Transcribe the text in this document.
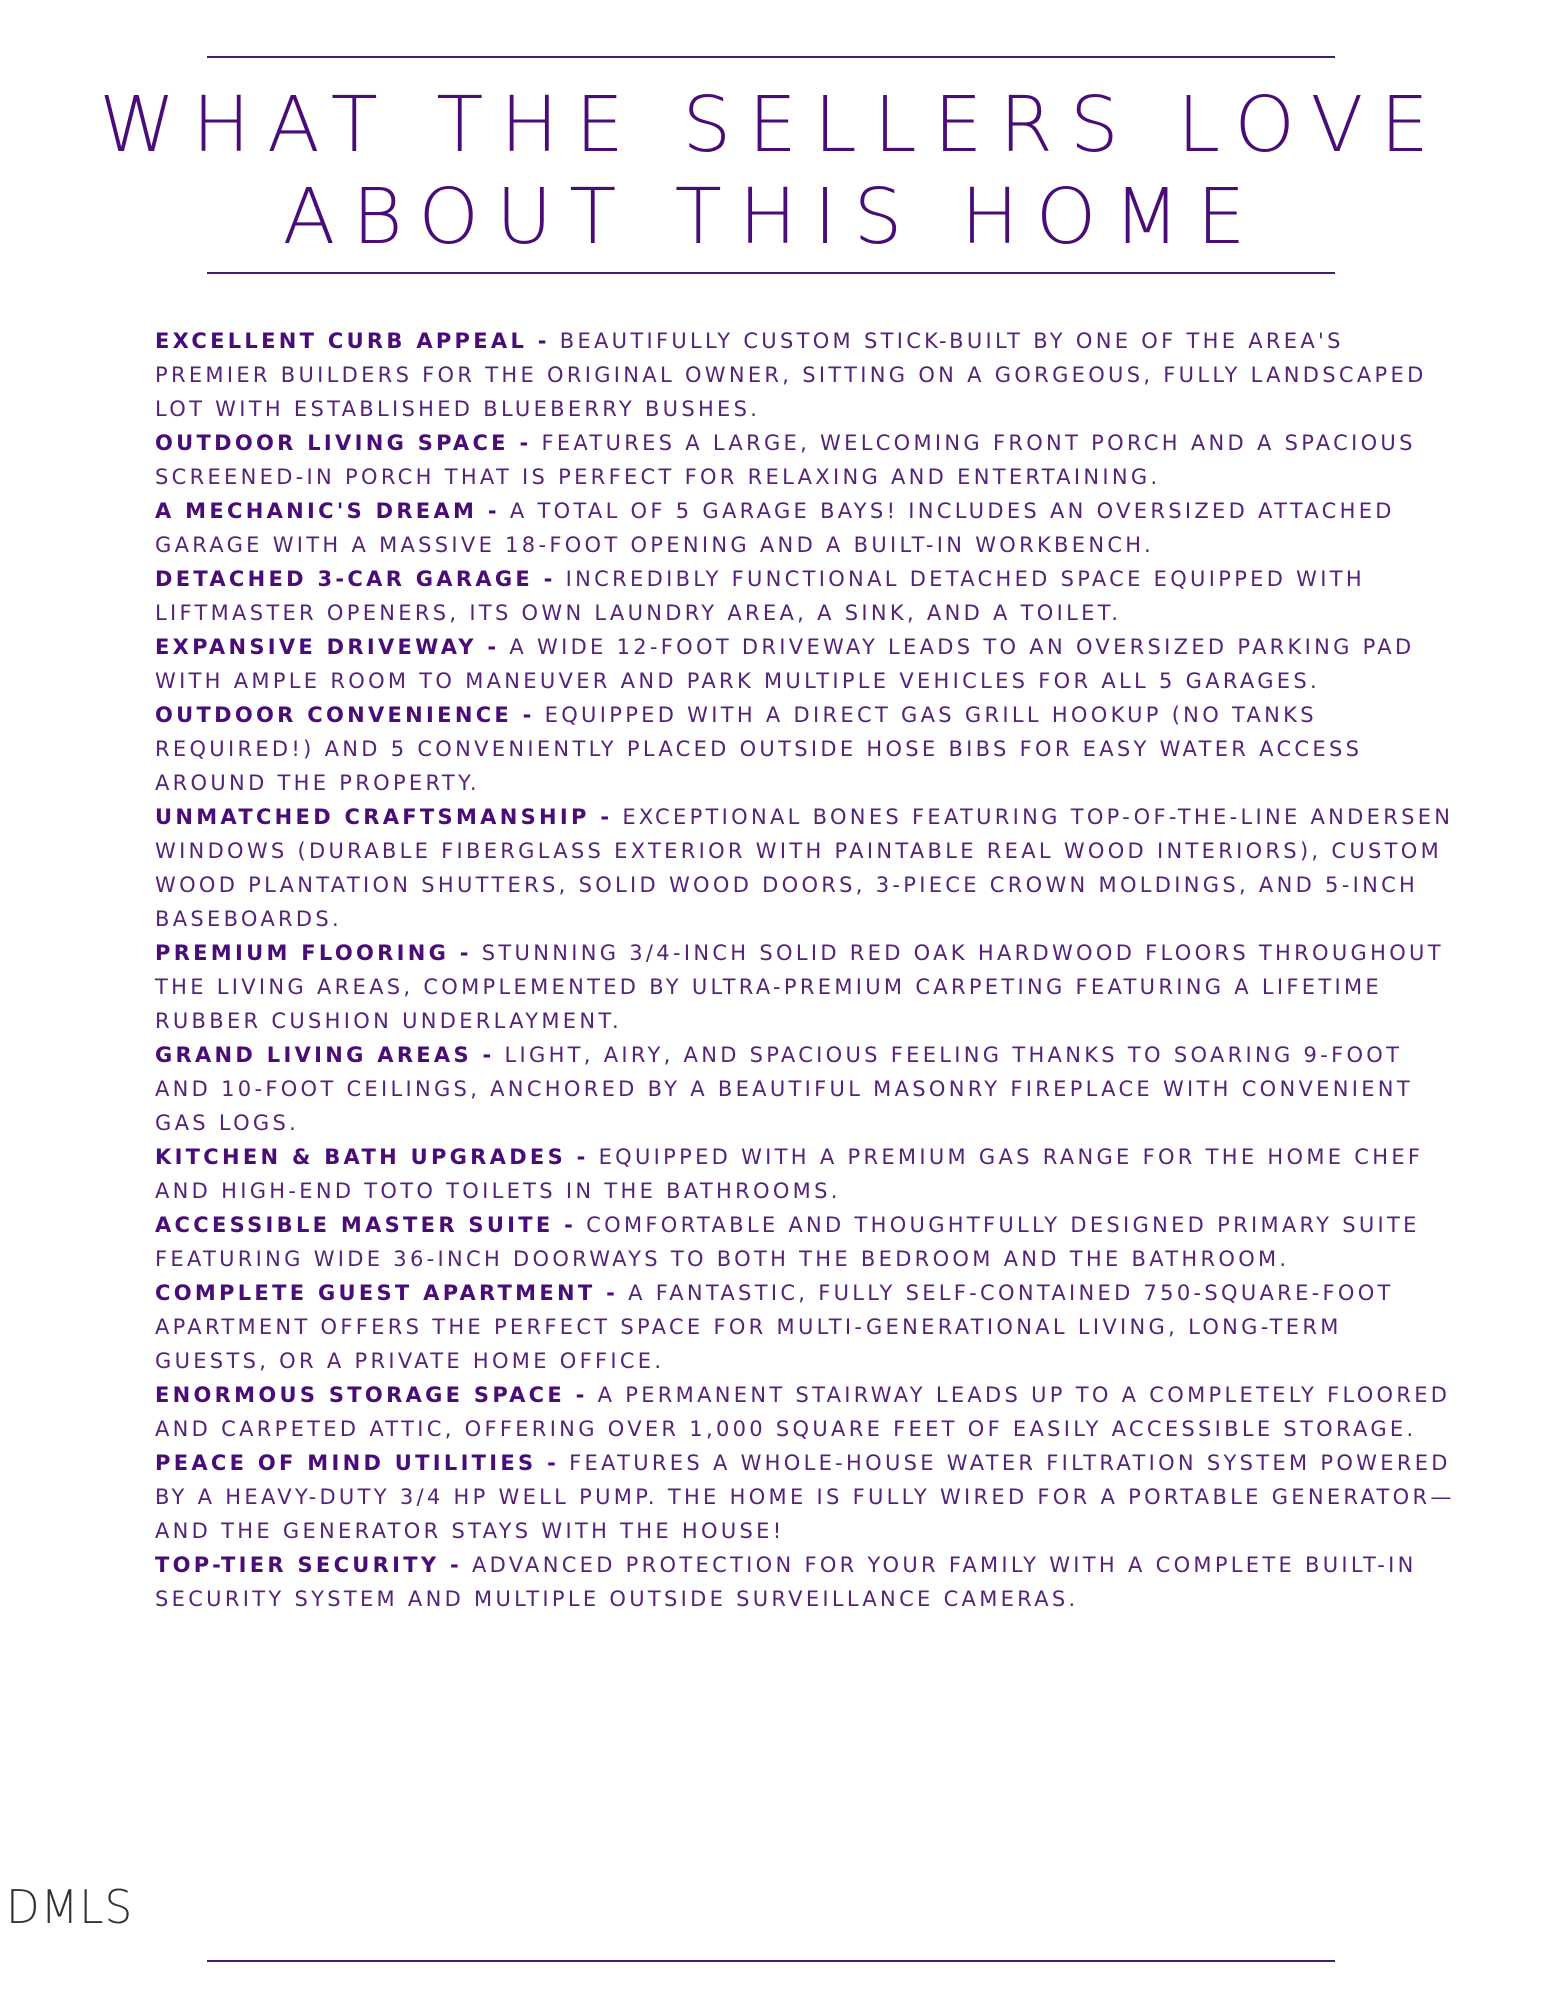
WHAT THE SELLERS LOVE
ABOUT THIS HOME
EXCELLENT CURB APPEAL - BEAUTIFULLY CUSTOM STICK-BUILT BY ONE OF THE AREA'S PREMIER BUILDERS FOR THE ORIGINAL OWNER, SITTING ON A GORGEOUS, FULLY LANDSCAPED LOT WITH ESTABLISHED BLUEBERRY BUSHES.
OUTDOOR LIVING SPACE - FEATURES A LARGE, WELCOMING FRONT PORCH AND A SPACIOUS SCREENED-IN PORCH THAT IS PERFECT FOR RELAXING AND ENTERTAINING.
A MECHANIC'S DREAM - A TOTAL OF 5 GARAGE BAYS! INCLUDES AN OVERSIZED ATTACHED GARAGE WITH A MASSIVE 18-FOOT OPENING AND A BUILT-IN WORKBENCH.
DETACHED 3-CAR GARAGE - INCREDIBLY FUNCTIONAL DETACHED SPACE EQUIPPED WITH LIFTMASTER OPENERS, ITS OWN LAUNDRY AREA, A SINK, AND A TOILET.
EXPANSIVE DRIVEWAY - A WIDE 12-FOOT DRIVEWAY LEADS TO AN OVERSIZED PARKING PAD WITH AMPLE ROOM TO MANEUVER AND PARK MULTIPLE VEHICLES FOR ALL 5 GARAGES.
OUTDOOR CONVENIENCE - EQUIPPED WITH A DIRECT GAS GRILL HOOKUP (NO TANKS REQUIRED!) AND 5 CONVENIENTLY PLACED OUTSIDE HOSE BIBS FOR EASY WATER ACCESS AROUND THE PROPERTY.
UNMATCHED CRAFTSMANSHIP - EXCEPTIONAL BONES FEATURING TOP-OF-THE-LINE ANDERSEN WINDOWS (DURABLE FIBERGLASS EXTERIOR WITH PAINTABLE REAL WOOD INTERIORS), CUSTOM WOOD PLANTATION SHUTTERS, SOLID WOOD DOORS, 3-PIECE CROWN MOLDINGS, AND 5-INCH BASEBOARDS.
PREMIUM FLOORING - STUNNING 3/4-INCH SOLID RED OAK HARDWOOD FLOORS THROUGHOUT THE LIVING AREAS, COMPLEMENTED BY ULTRA-PREMIUM CARPETING FEATURING A LIFETIME RUBBER CUSHION UNDERLAYMENT.
GRAND LIVING AREAS - LIGHT, AIRY, AND SPACIOUS FEELING THANKS TO SOARING 9-FOOT AND 10-FOOT CEILINGS, ANCHORED BY A BEAUTIFUL MASONRY FIREPLACE WITH CONVENIENT GAS LOGS.
KITCHEN & BATH UPGRADES - EQUIPPED WITH A PREMIUM GAS RANGE FOR THE HOME CHEF AND HIGH-END TOTO TOILETS IN THE BATHROOMS.
ACCESSIBLE MASTER SUITE - COMFORTABLE AND THOUGHTFULLY DESIGNED PRIMARY SUITE FEATURING WIDE 36-INCH DOORWAYS TO BOTH THE BEDROOM AND THE BATHROOM.
COMPLETE GUEST APARTMENT - A FANTASTIC, FULLY SELF-CONTAINED 750-SQUARE-FOOT APARTMENT OFFERS THE PERFECT SPACE FOR MULTI-GENERATIONAL LIVING, LONG-TERM GUESTS, OR A PRIVATE HOME OFFICE.
ENORMOUS STORAGE SPACE - A PERMANENT STAIRWAY LEADS UP TO A COMPLETELY FLOORED AND CARPETED ATTIC, OFFERING OVER 1,000 SQUARE FEET OF EASILY ACCESSIBLE STORAGE.
PEACE OF MIND UTILITIES - FEATURES A WHOLE-HOUSE WATER FILTRATION SYSTEM POWERED BY A HEAVY-DUTY 3/4 HP WELL PUMP. THE HOME IS FULLY WIRED FOR A PORTABLE GENERATOR—AND THE GENERATOR STAYS WITH THE HOUSE!
TOP-TIER SECURITY - ADVANCED PROTECTION FOR YOUR FAMILY WITH A COMPLETE BUILT-IN SECURITY SYSTEM AND MULTIPLE OUTSIDE SURVEILLANCE CAMERAS.
DMLS
